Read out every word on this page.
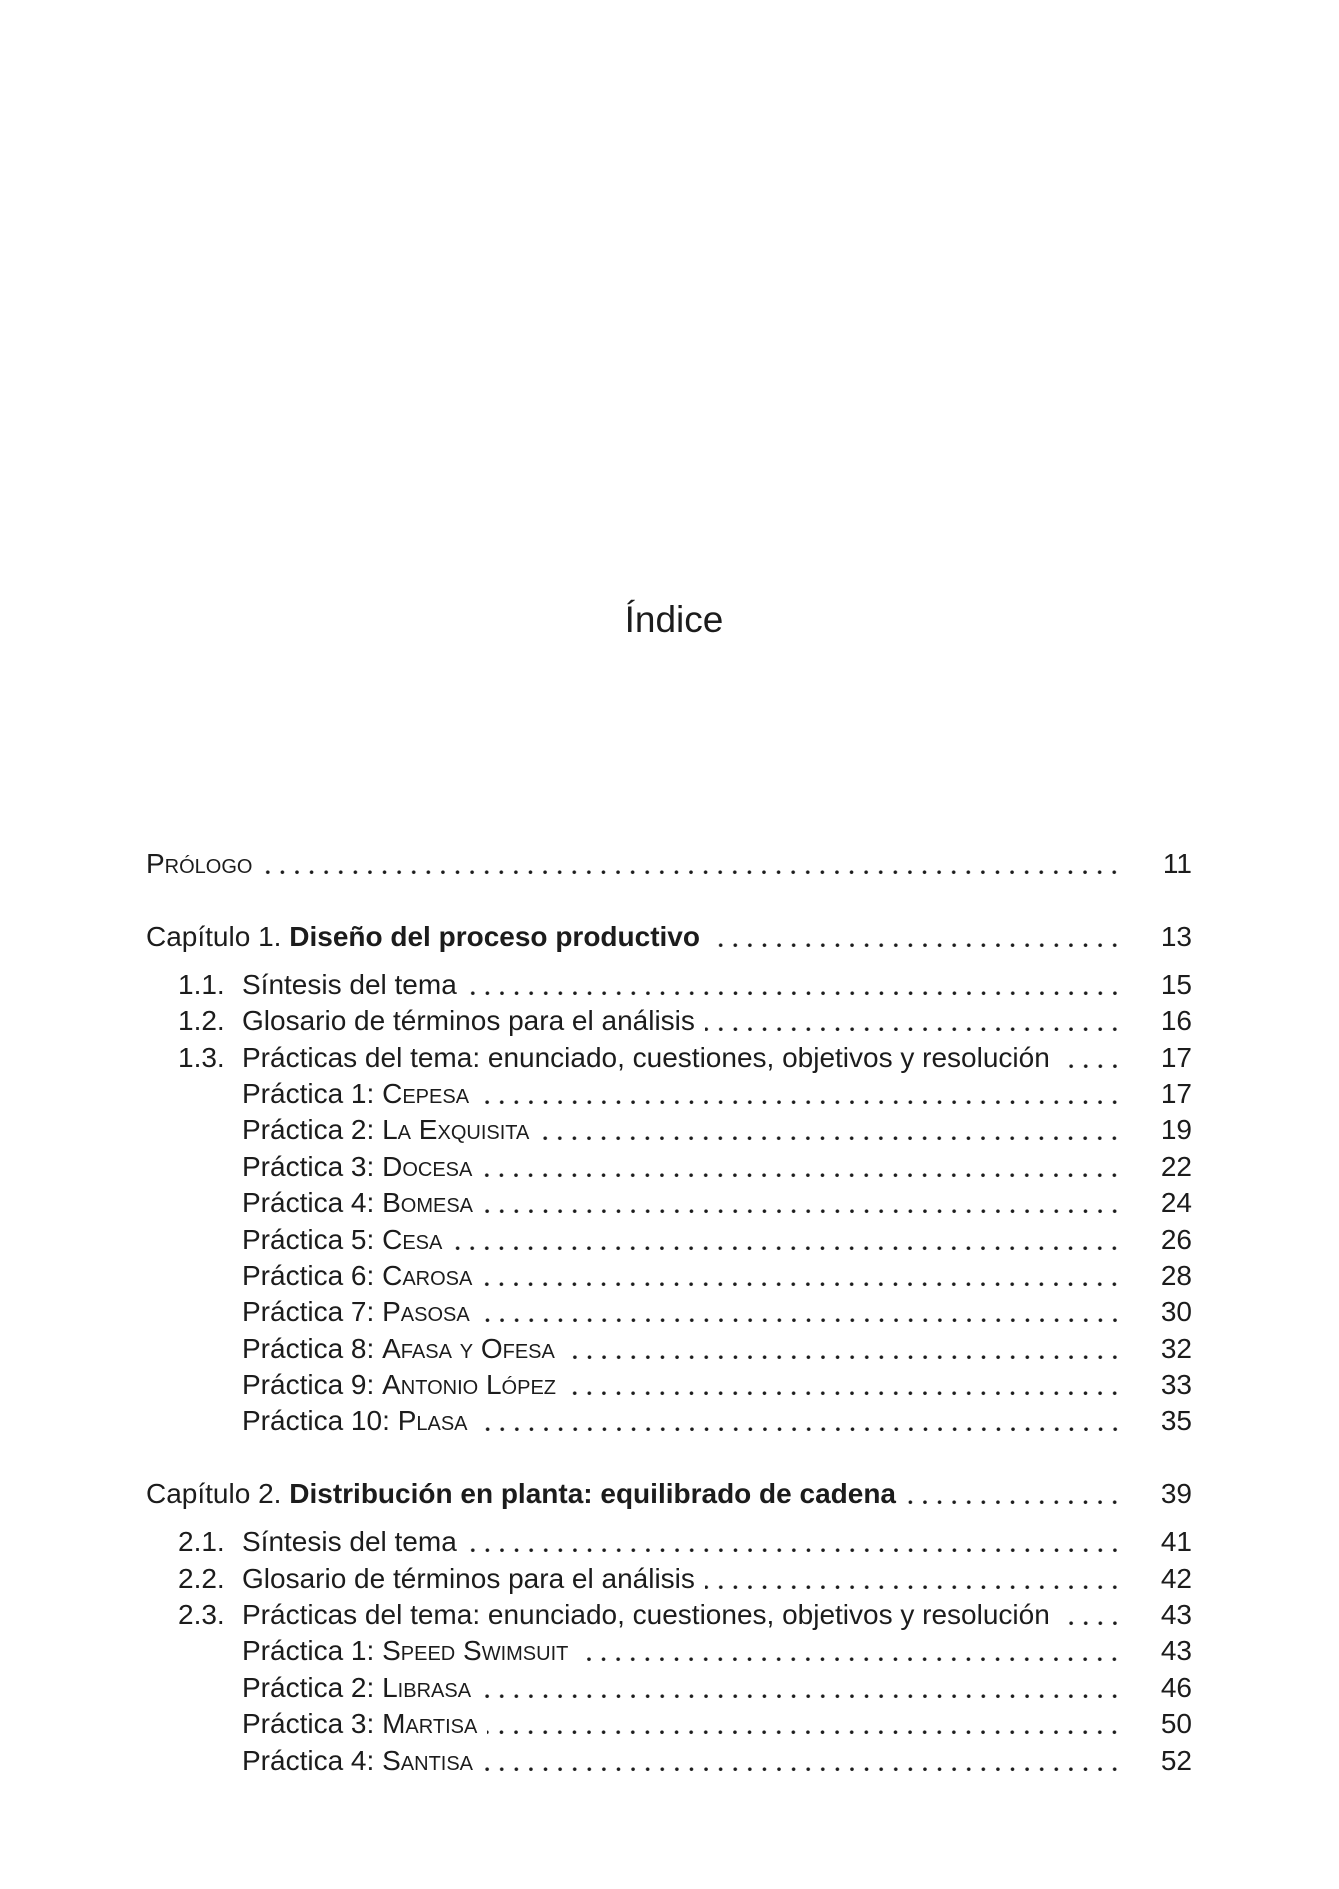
Índice
Prólogo	11
Capítulo 1. Diseño del proceso productivo	13
1.1. Síntesis del tema	15
1.2. Glosario de términos para el análisis	16
1.3. Prácticas del tema: enunciado, cuestiones, objetivos y resolución	17
Práctica 1: Cepesa	17
Práctica 2: La Exquisita	19
Práctica 3: Docesa	22
Práctica 4: Bomesa	24
Práctica 5: Cesa	26
Práctica 6: Carosa	28
Práctica 7: Pasosa	30
Práctica 8: Afasa y Ofesa	32
Práctica 9: Antonio López	33
Práctica 10: Plasa	35
Capítulo 2. Distribución en planta: equilibrado de cadena	39
2.1. Síntesis del tema	41
2.2. Glosario de términos para el análisis	42
2.3. Prácticas del tema: enunciado, cuestiones, objetivos y resolución	43
Práctica 1: Speed Swimsuit	43
Práctica 2: Librasa	46
Práctica 3: Martisa	50
Práctica 4: Santisa	52
